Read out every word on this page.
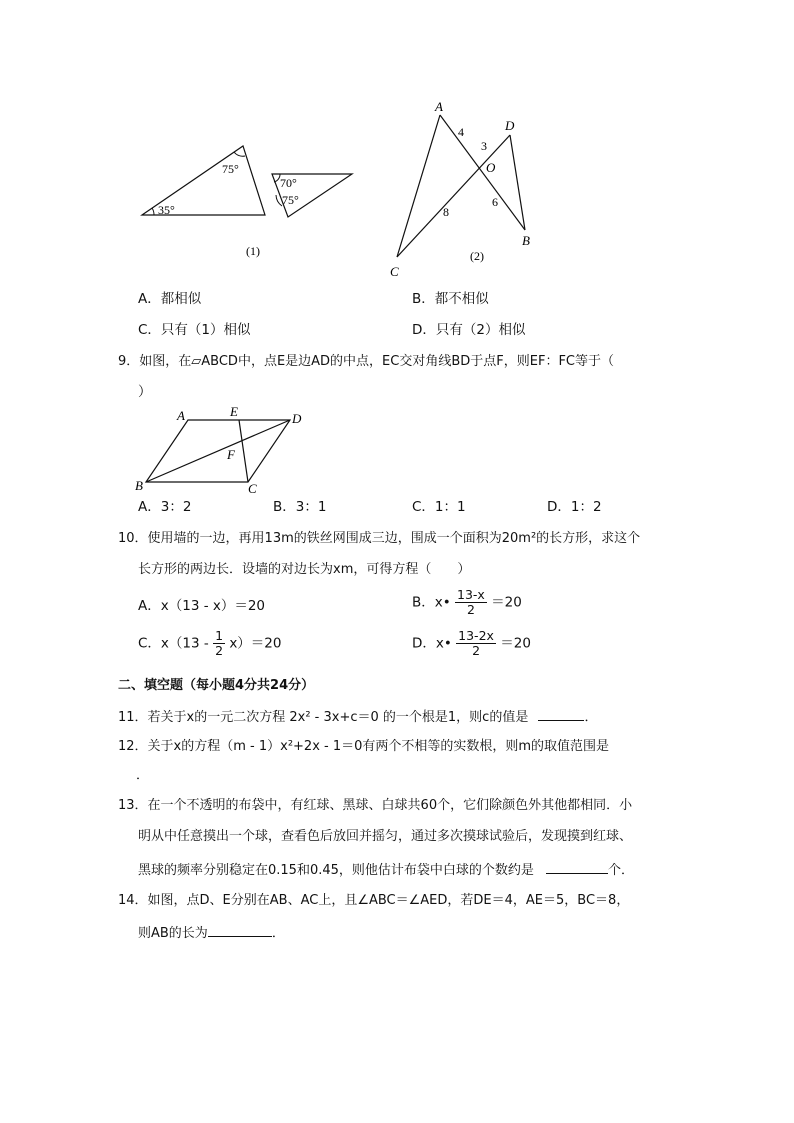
35°
75°
70°
75°
(1)
A
D
O
B
C
4
3
6
8
(2)
A．都相似	B．都不相似
C．只有（1）相似	D．只有（2）相似
9．如图，在▱ABCD中，点E是边AD的中点，EC交对角线BD于点F，则EF：FC等于（
）
A	E	D
F
B	C
A．3：2	B．3：1	C．1：1	D．1：2
10．使用墙的一边，再用13m的铁丝网围成三边，围成一个面积为20m²的长方形，求这个
长方形的两边长．设墙的对边长为xm，可得方程（　　）
A．x（13 - x）＝20	B．x• $\frac{13-x}{2} =20$
C．$x(13 - \frac{1}{2} x)=20$	D．x• $\frac{13-2x}{2} =20$
二、填空题（每小题4分共24分）
11．若关于x的一元二次方程 2x² - 3x+c＝0 的一个根是1，则c的值是	．
12．关于x的方程（m - 1）x²+2x - 1＝0有两个不相等的实数根，则m的取值范围是
．
13．在一个不透明的布袋中，有红球、黑球、白球共60个，它们除颜色外其他都相同．小
明从中任意摸出一个球，查看色后放回并摇匀，通过多次摸球试验后，发现摸到红球、
黑球的频率分别稳定在0.15和0.45，则他估计布袋中白球的个数约是	个．
14．如图，点D、E分别在AB、AC上，且∠ABC＝∠AED，若DE＝4，AE＝5，BC＝8，
则AB的长为	．
